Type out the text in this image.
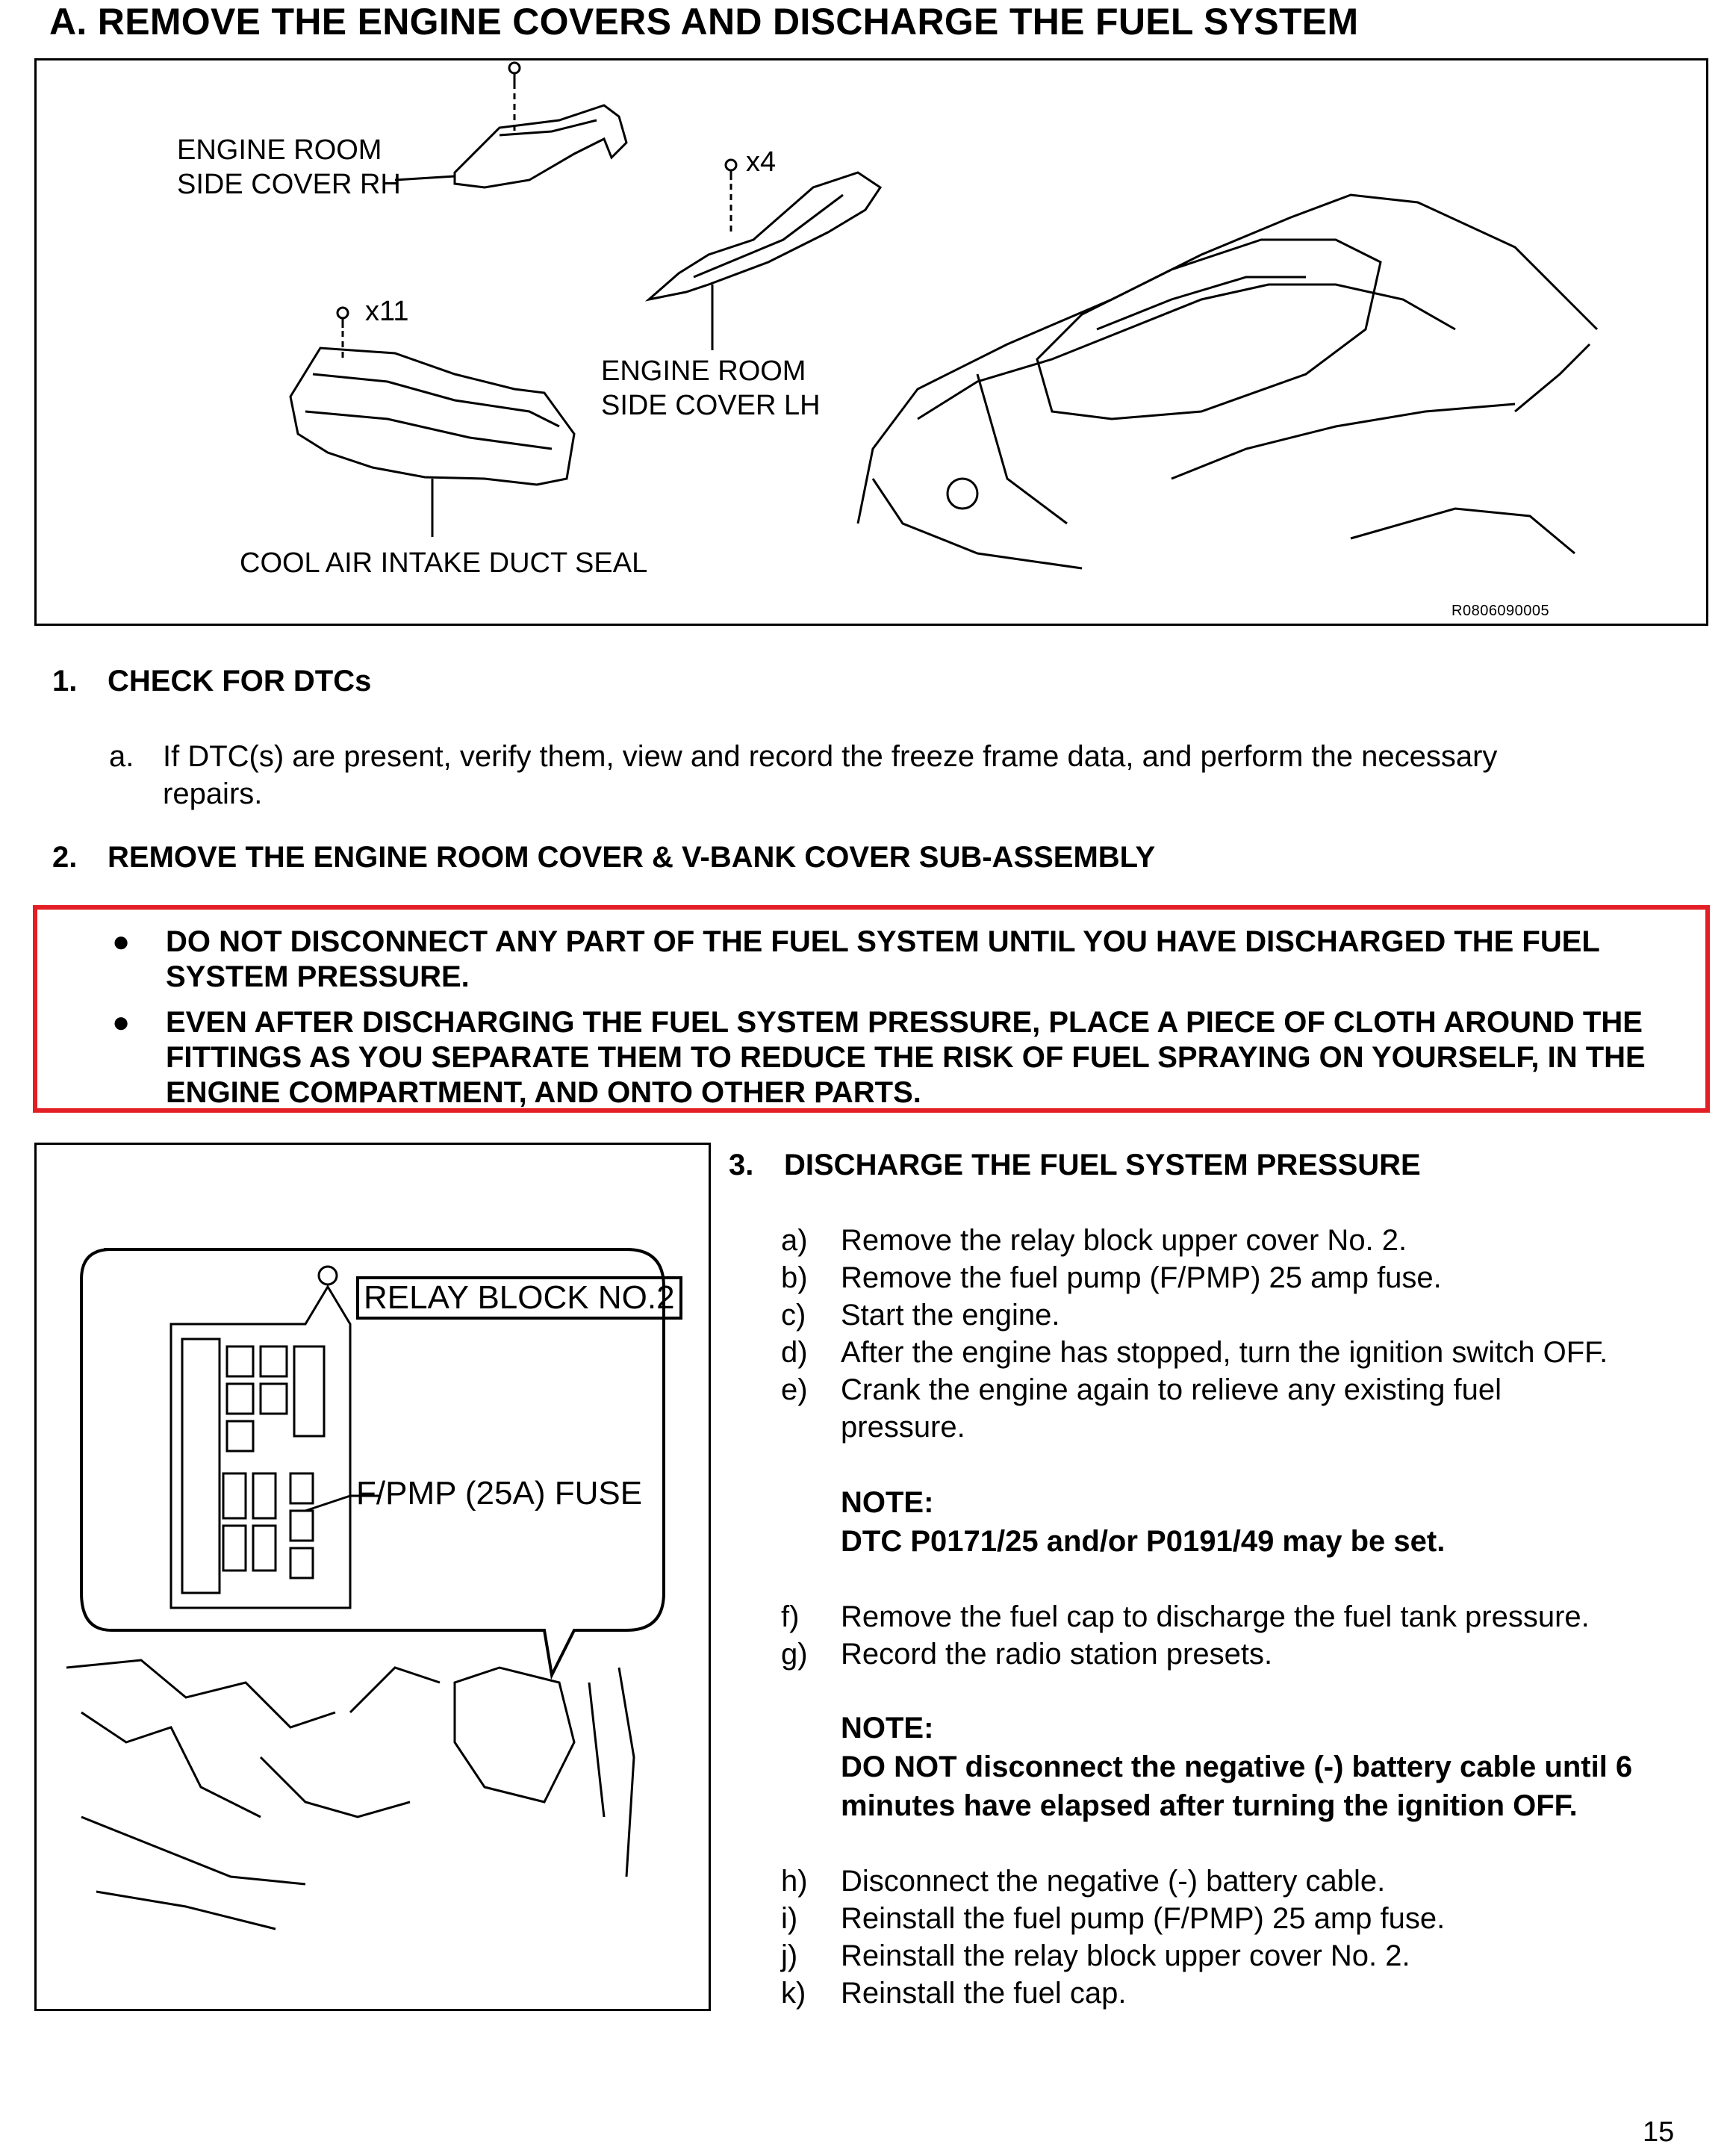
A. REMOVE THE ENGINE COVERS AND DISCHARGE THE FUEL SYSTEM
ENGINE ROOM
SIDE COVER RH
x4
x11
ENGINE ROOM
SIDE COVER LH
COOL AIR INTAKE DUCT SEAL
R0806090005
1. CHECK FOR DTCs
a. If DTC(s) are present, verify them, view and record the freeze frame data, and perform the necessary
repairs.
2. REMOVE THE ENGINE ROOM COVER & V-BANK COVER SUB-ASSEMBLY
● DO NOT DISCONNECT ANY PART OF THE FUEL SYSTEM UNTIL YOU HAVE DISCHARGED THE FUEL SYSTEM PRESSURE.
● EVEN AFTER DISCHARGING THE FUEL SYSTEM PRESSURE, PLACE A PIECE OF CLOTH AROUND THE FITTINGS AS YOU SEPARATE THEM TO REDUCE THE RISK OF FUEL SPRAYING ON YOURSELF, IN THE ENGINE COMPARTMENT, AND ONTO OTHER PARTS.
RELAY BLOCK NO.2
F/PMP (25A) FUSE
3. DISCHARGE THE FUEL SYSTEM PRESSURE
a) Remove the relay block upper cover No. 2.
b) Remove the fuel pump (F/PMP) 25 amp fuse.
c) Start the engine.
d) After the engine has stopped, turn the ignition switch OFF.
e) Crank the engine again to relieve any existing fuel pressure.
NOTE:
DTC P0171/25 and/or P0191/49 may be set.
f) Remove the fuel cap to discharge the fuel tank pressure.
g) Record the radio station presets.
NOTE:
DO NOT disconnect the negative (-) battery cable until 6 minutes have elapsed after turning the ignition OFF.
h) Disconnect the negative (-) battery cable.
i) Reinstall the fuel pump (F/PMP) 25 amp fuse.
j) Reinstall the relay block upper cover No. 2.
k) Reinstall the fuel cap.
15
